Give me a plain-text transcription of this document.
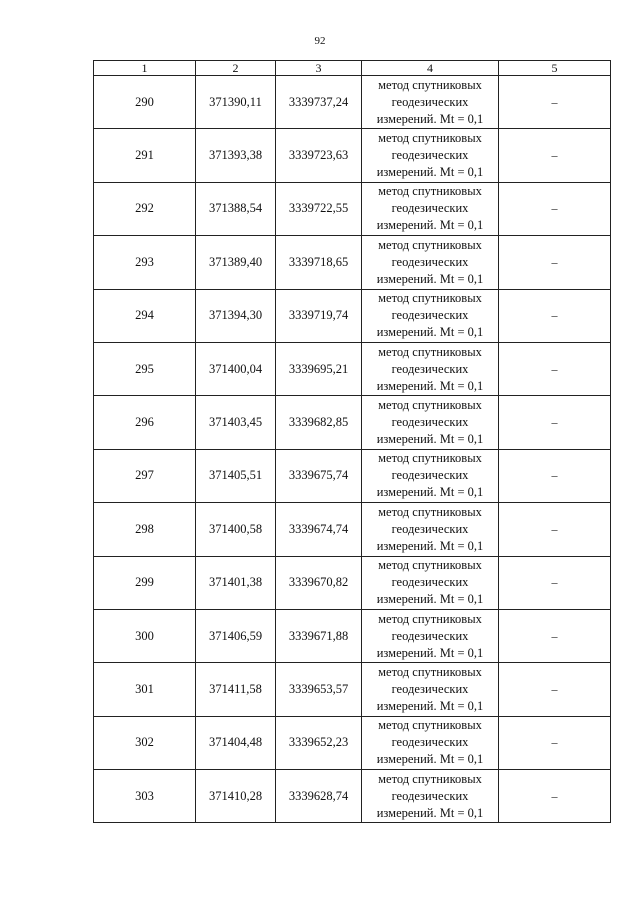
92
1	2	3	4	5
290	371390,11	3339737,24	метод спутниковых
геодезических
измерений. Mt = 0,1	–
291	371393,38	3339723,63	метод спутниковых
геодезических
измерений. Mt = 0,1	–
292	371388,54	3339722,55	метод спутниковых
геодезических
измерений. Mt = 0,1	–
293	371389,40	3339718,65	метод спутниковых
геодезических
измерений. Mt = 0,1	–
294	371394,30	3339719,74	метод спутниковых
геодезических
измерений. Mt = 0,1	–
295	371400,04	3339695,21	метод спутниковых
геодезических
измерений. Mt = 0,1	–
296	371403,45	3339682,85	метод спутниковых
геодезических
измерений. Mt = 0,1	–
297	371405,51	3339675,74	метод спутниковых
геодезических
измерений. Mt = 0,1	–
298	371400,58	3339674,74	метод спутниковых
геодезических
измерений. Mt = 0,1	–
299	371401,38	3339670,82	метод спутниковых
геодезических
измерений. Mt = 0,1	–
300	371406,59	3339671,88	метод спутниковых
геодезических
измерений. Mt = 0,1	–
301	371411,58	3339653,57	метод спутниковых
геодезических
измерений. Mt = 0,1	–
302	371404,48	3339652,23	метод спутниковых
геодезических
измерений. Mt = 0,1	–
303	371410,28	3339628,74	метод спутниковых
геодезических
измерений. Mt = 0,1	–
